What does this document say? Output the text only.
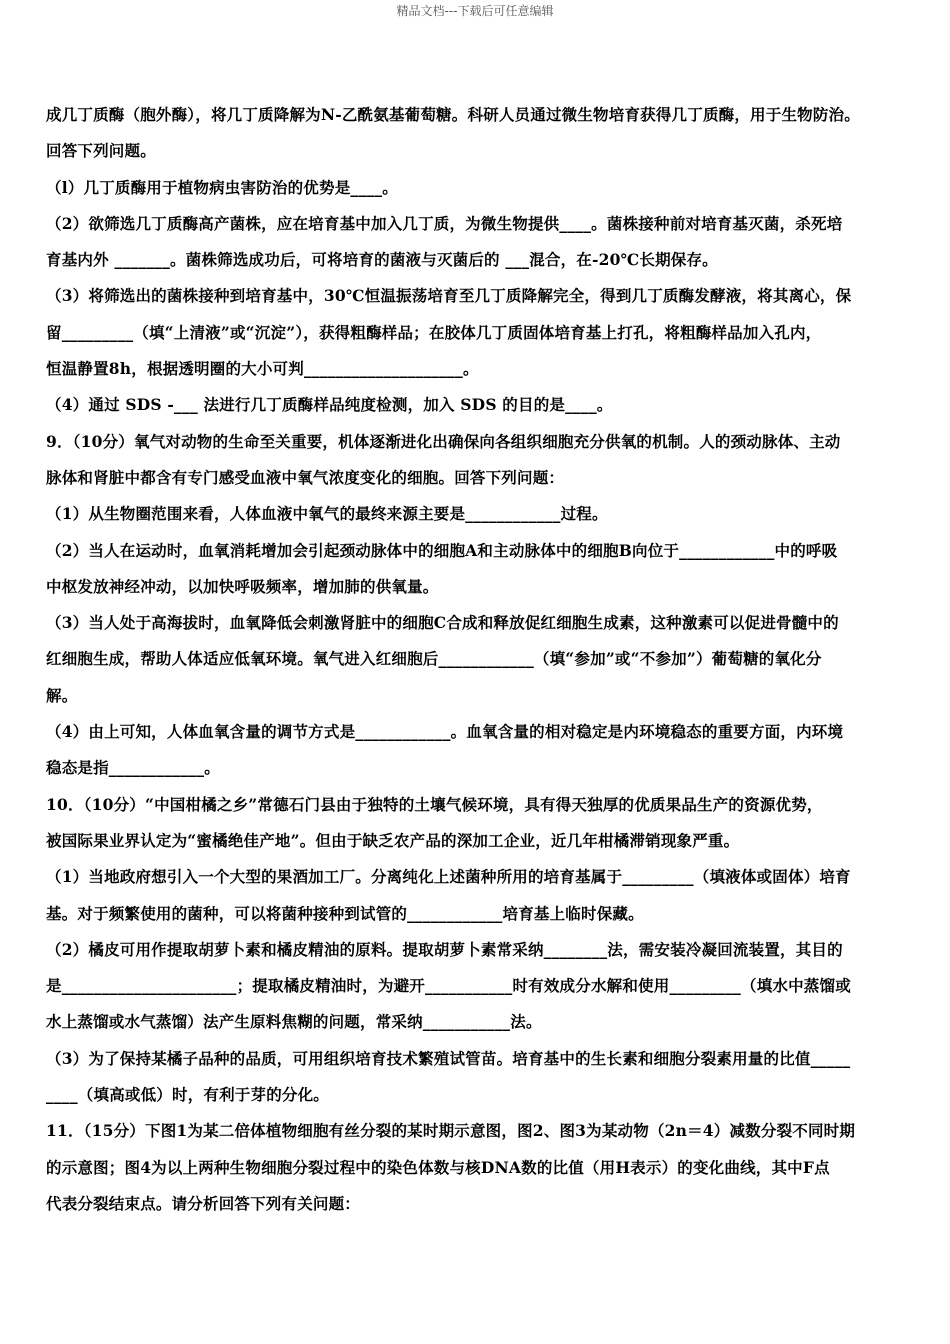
精品文档---下载后可任意编辑
成几丁质酶（胞外酶），将几丁质降解为N-乙酰氨基葡萄糖。科研人员通过微生物培育获得几丁质酶，用于生物防治。
回答下列问题。
（l）几丁质酶用于植物病虫害防治的优势是____。
（2）欲筛选几丁质酶高产菌株，应在培育基中加入几丁质，为微生物提供____。菌株接种前对培育基灭菌，杀死培
育基内外 _______。菌株筛选成功后，可将培育的菌液与灭菌后的 ___混合，在-20℃长期保存。
（3）将筛选出的菌株接种到培育基中，30℃恒温振荡培育至几丁质降解完全，得到几丁质酶发酵液，将其离心，保
留_________（填“上清液”或“沉淀”），获得粗酶样品；在胶体几丁质固体培育基上打孔，将粗酶样品加入孔内，
恒温静置8h，根据透明圈的大小可判____________________。
（4）通过 SDS -___ 法进行几丁质酶样品纯度检测，加入 SDS 的目的是____。
9．（10分）氧气对动物的生命至关重要，机体逐渐进化出确保向各组织细胞充分供氧的机制。人的颈动脉体、主动
脉体和肾脏中都含有专门感受血液中氧气浓度变化的细胞。回答下列问题：
（1）从生物圈范围来看，人体血液中氧气的最终来源主要是____________过程。
（2）当人在运动时，血氧消耗增加会引起颈动脉体中的细胞A和主动脉体中的细胞B向位于____________中的呼吸
中枢发放神经冲动，以加快呼吸频率，增加肺的供氧量。
（3）当人处于高海拔时，血氧降低会刺激肾脏中的细胞C合成和释放促红细胞生成素，这种激素可以促进骨髓中的
红细胞生成，帮助人体适应低氧环境。氧气进入红细胞后____________（填“参加”或“不参加”）葡萄糖的氧化分
解。
（4）由上可知，人体血氧含量的调节方式是____________。血氧含量的相对稳定是内环境稳态的重要方面，内环境
稳态是指____________。
10．（10分）“中国柑橘之乡”常德石门县由于独特的土壤气候环境，具有得天独厚的优质果品生产的资源优势，
被国际果业界认定为“蜜橘绝佳产地”。但由于缺乏农产品的深加工企业，近几年柑橘滞销现象严重。
（1）当地政府想引入一个大型的果酒加工厂。分离纯化上述菌种所用的培育基属于_________（填液体或固体）培育
基。对于频繁使用的菌种，可以将菌种接种到试管的____________培育基上临时保藏。
（2）橘皮可用作提取胡萝卜素和橘皮精油的原料。提取胡萝卜素常采纳________法，需安装冷凝回流装置，其目的
是______________________；提取橘皮精油时，为避开___________时有效成分水解和使用_________（填水中蒸馏或
水上蒸馏或水气蒸馏）法产生原料焦糊的问题，常采纳___________法。
（3）为了保持某橘子品种的品质，可用组织培育技术繁殖试管苗。培育基中的生长素和细胞分裂素用量的比值_____
____（填高或低）时，有利于芽的分化。
11．（15分）下图1为某二倍体植物细胞有丝分裂的某时期示意图，图2、图3为某动物（2n＝4）减数分裂不同时期
的示意图；图4为以上两种生物细胞分裂过程中的染色体数与核DNA数的比值（用H表示）的变化曲线，其中F点
代表分裂结束点。请分析回答下列有关问题：
